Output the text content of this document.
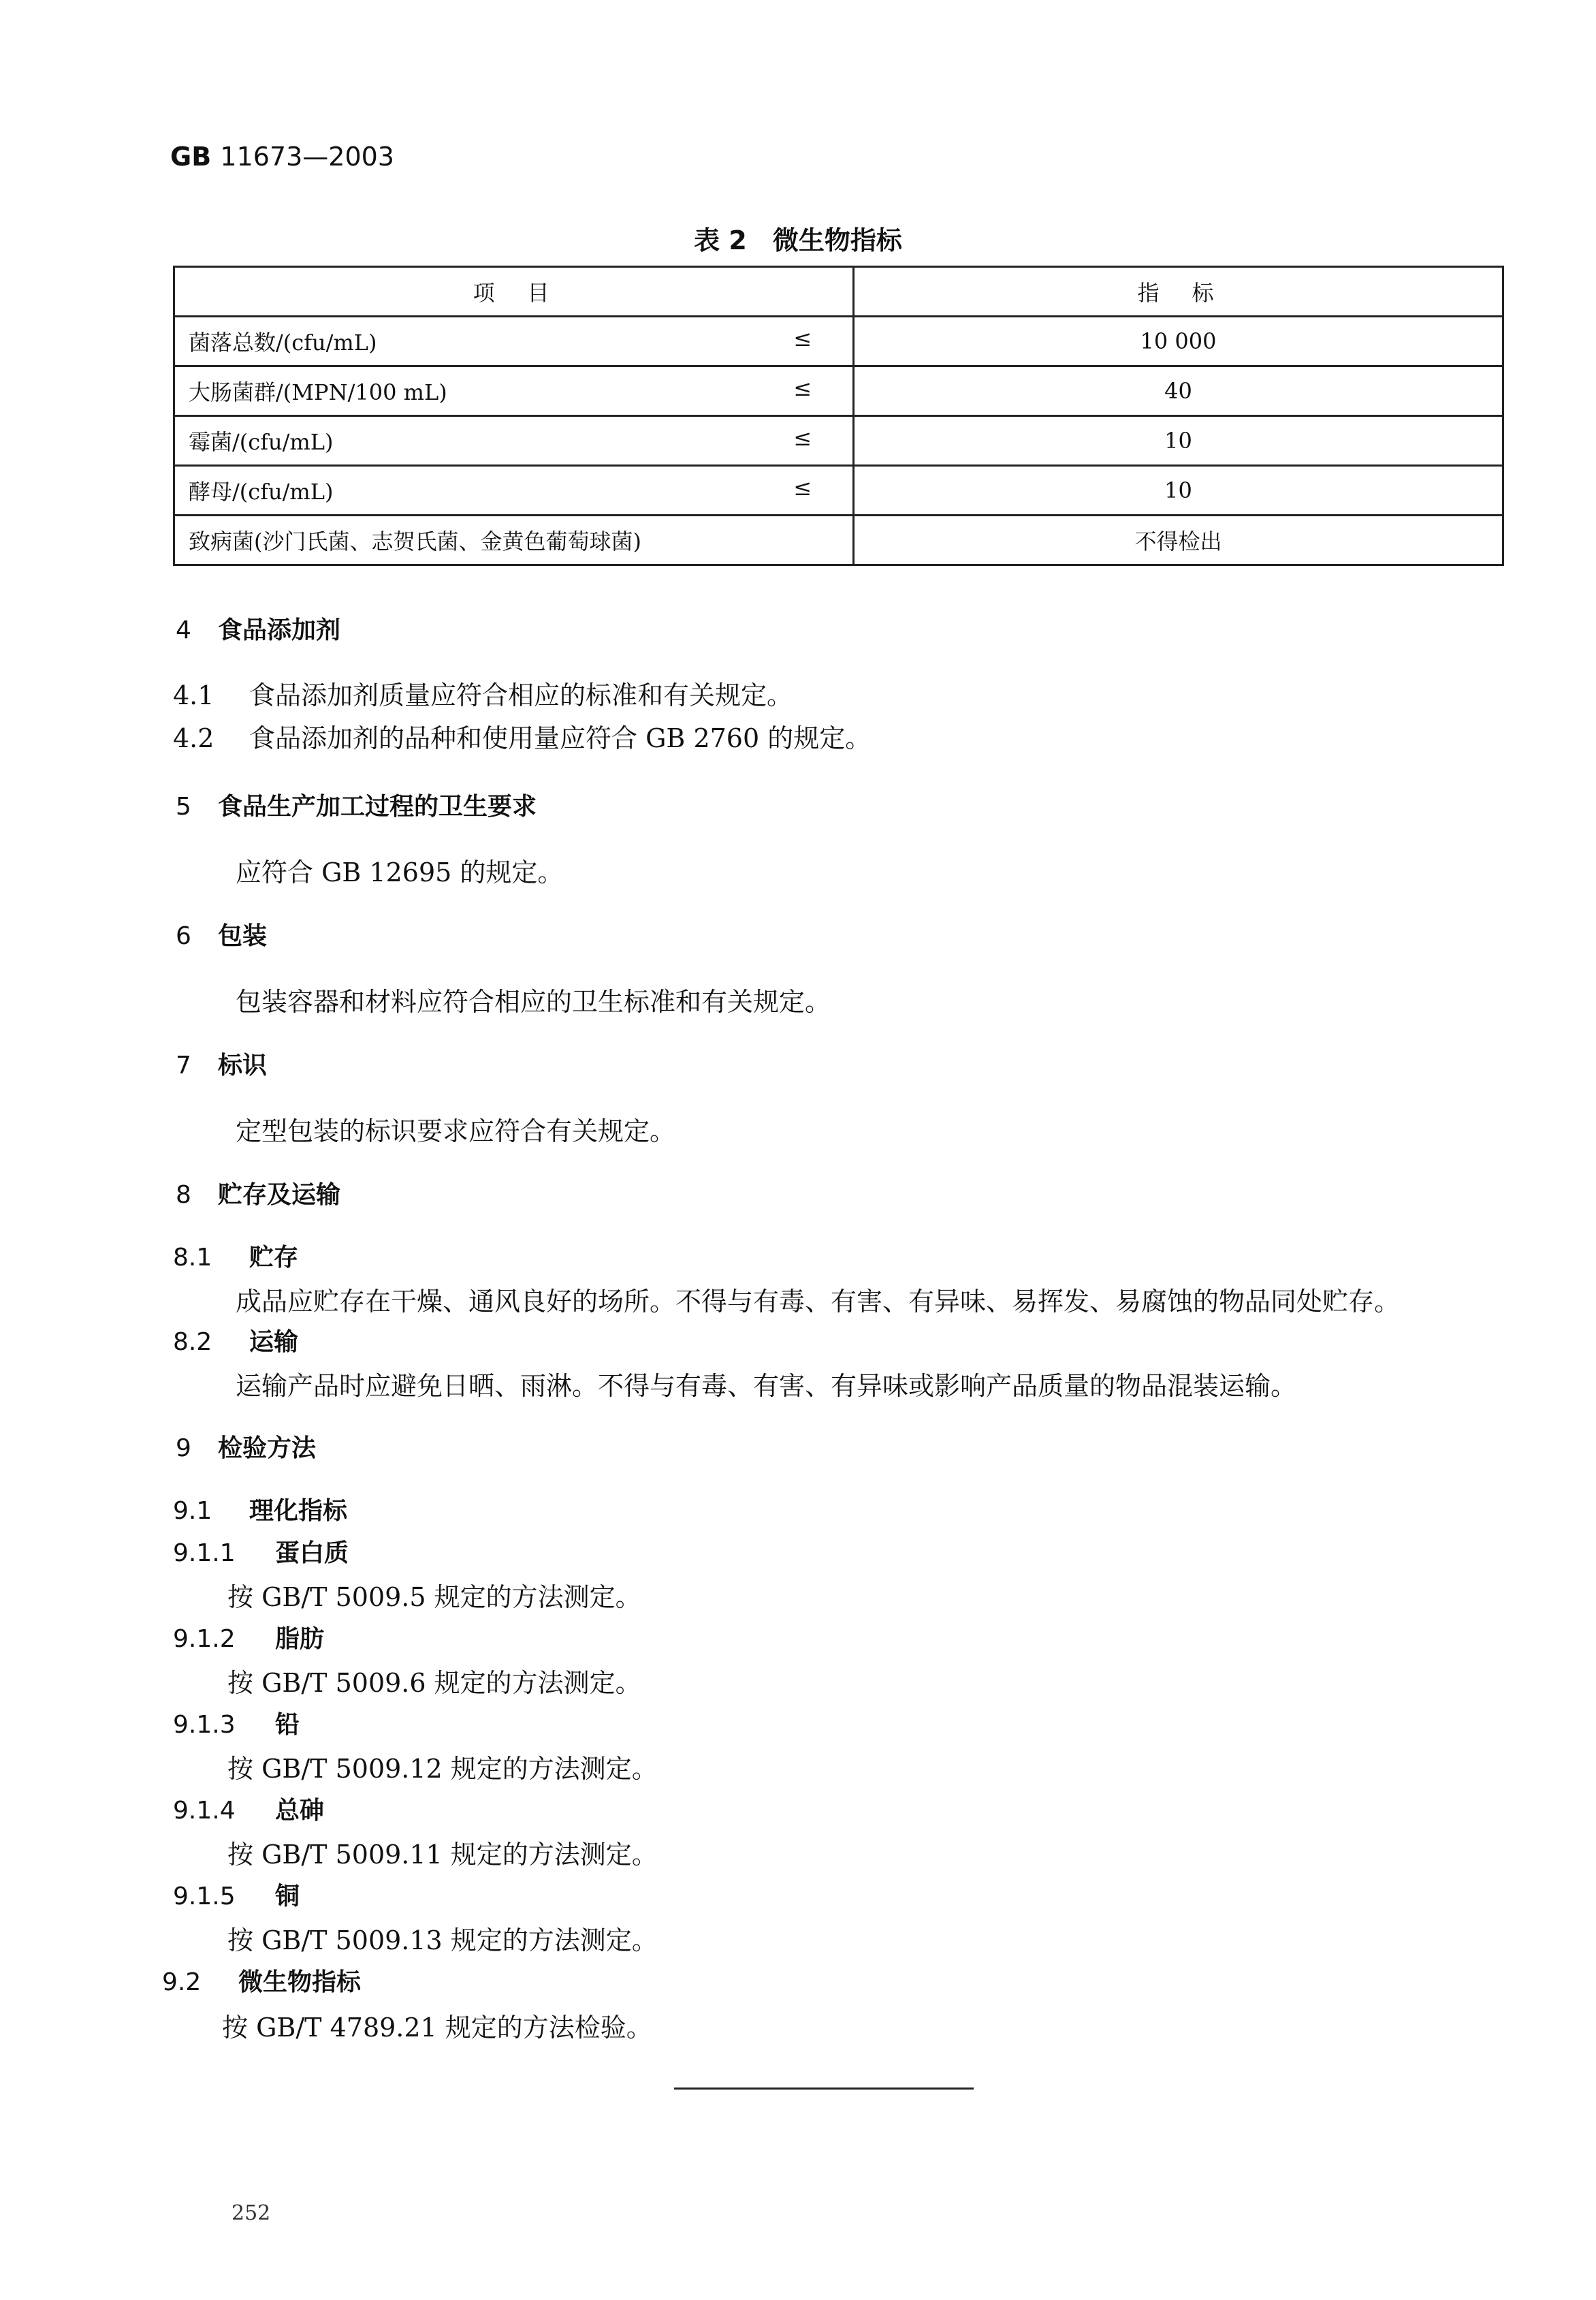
GB 11673—2003
表 2　微生物指标
项　目	指　标

菌落总数/(cfu/mL) ≤	10 000

大肠菌群/(MPN/100 mL) ≤	40

霉菌/(cfu/mL) ≤	10

酵母/(cfu/mL) ≤	10

致病菌(沙门氏菌、志贺氏菌、金黄色葡萄球菌)	不得检出
4 食品添加剂
4.1 食品添加剂质量应符合相应的标准和有关规定。
4.2 食品添加剂的品种和使用量应符合 GB 2760 的规定。
5 食品生产加工过程的卫生要求
应符合 GB 12695 的规定。
6 包装
包装容器和材料应符合相应的卫生标准和有关规定。
7 标识
定型包装的标识要求应符合有关规定。
8 贮存及运输
8.1 贮存
成品应贮存在干燥、通风良好的场所。不得与有毒、有害、有异味、易挥发、易腐蚀的物品同处贮存。
8.2 运输
运输产品时应避免日晒、雨淋。不得与有毒、有害、有异味或影响产品质量的物品混装运输。
9 检验方法
9.1 理化指标
9.1.1 蛋白质
按 GB/T 5009.5 规定的方法测定。
9.1.2 脂肪
按 GB/T 5009.6 规定的方法测定。
9.1.3 铅
按 GB/T 5009.12 规定的方法测定。
9.1.4 总砷
按 GB/T 5009.11 规定的方法测定。
9.1.5 铜
按 GB/T 5009.13 规定的方法测定。
9.2 微生物指标
按 GB/T 4789.21 规定的方法检验。
252
